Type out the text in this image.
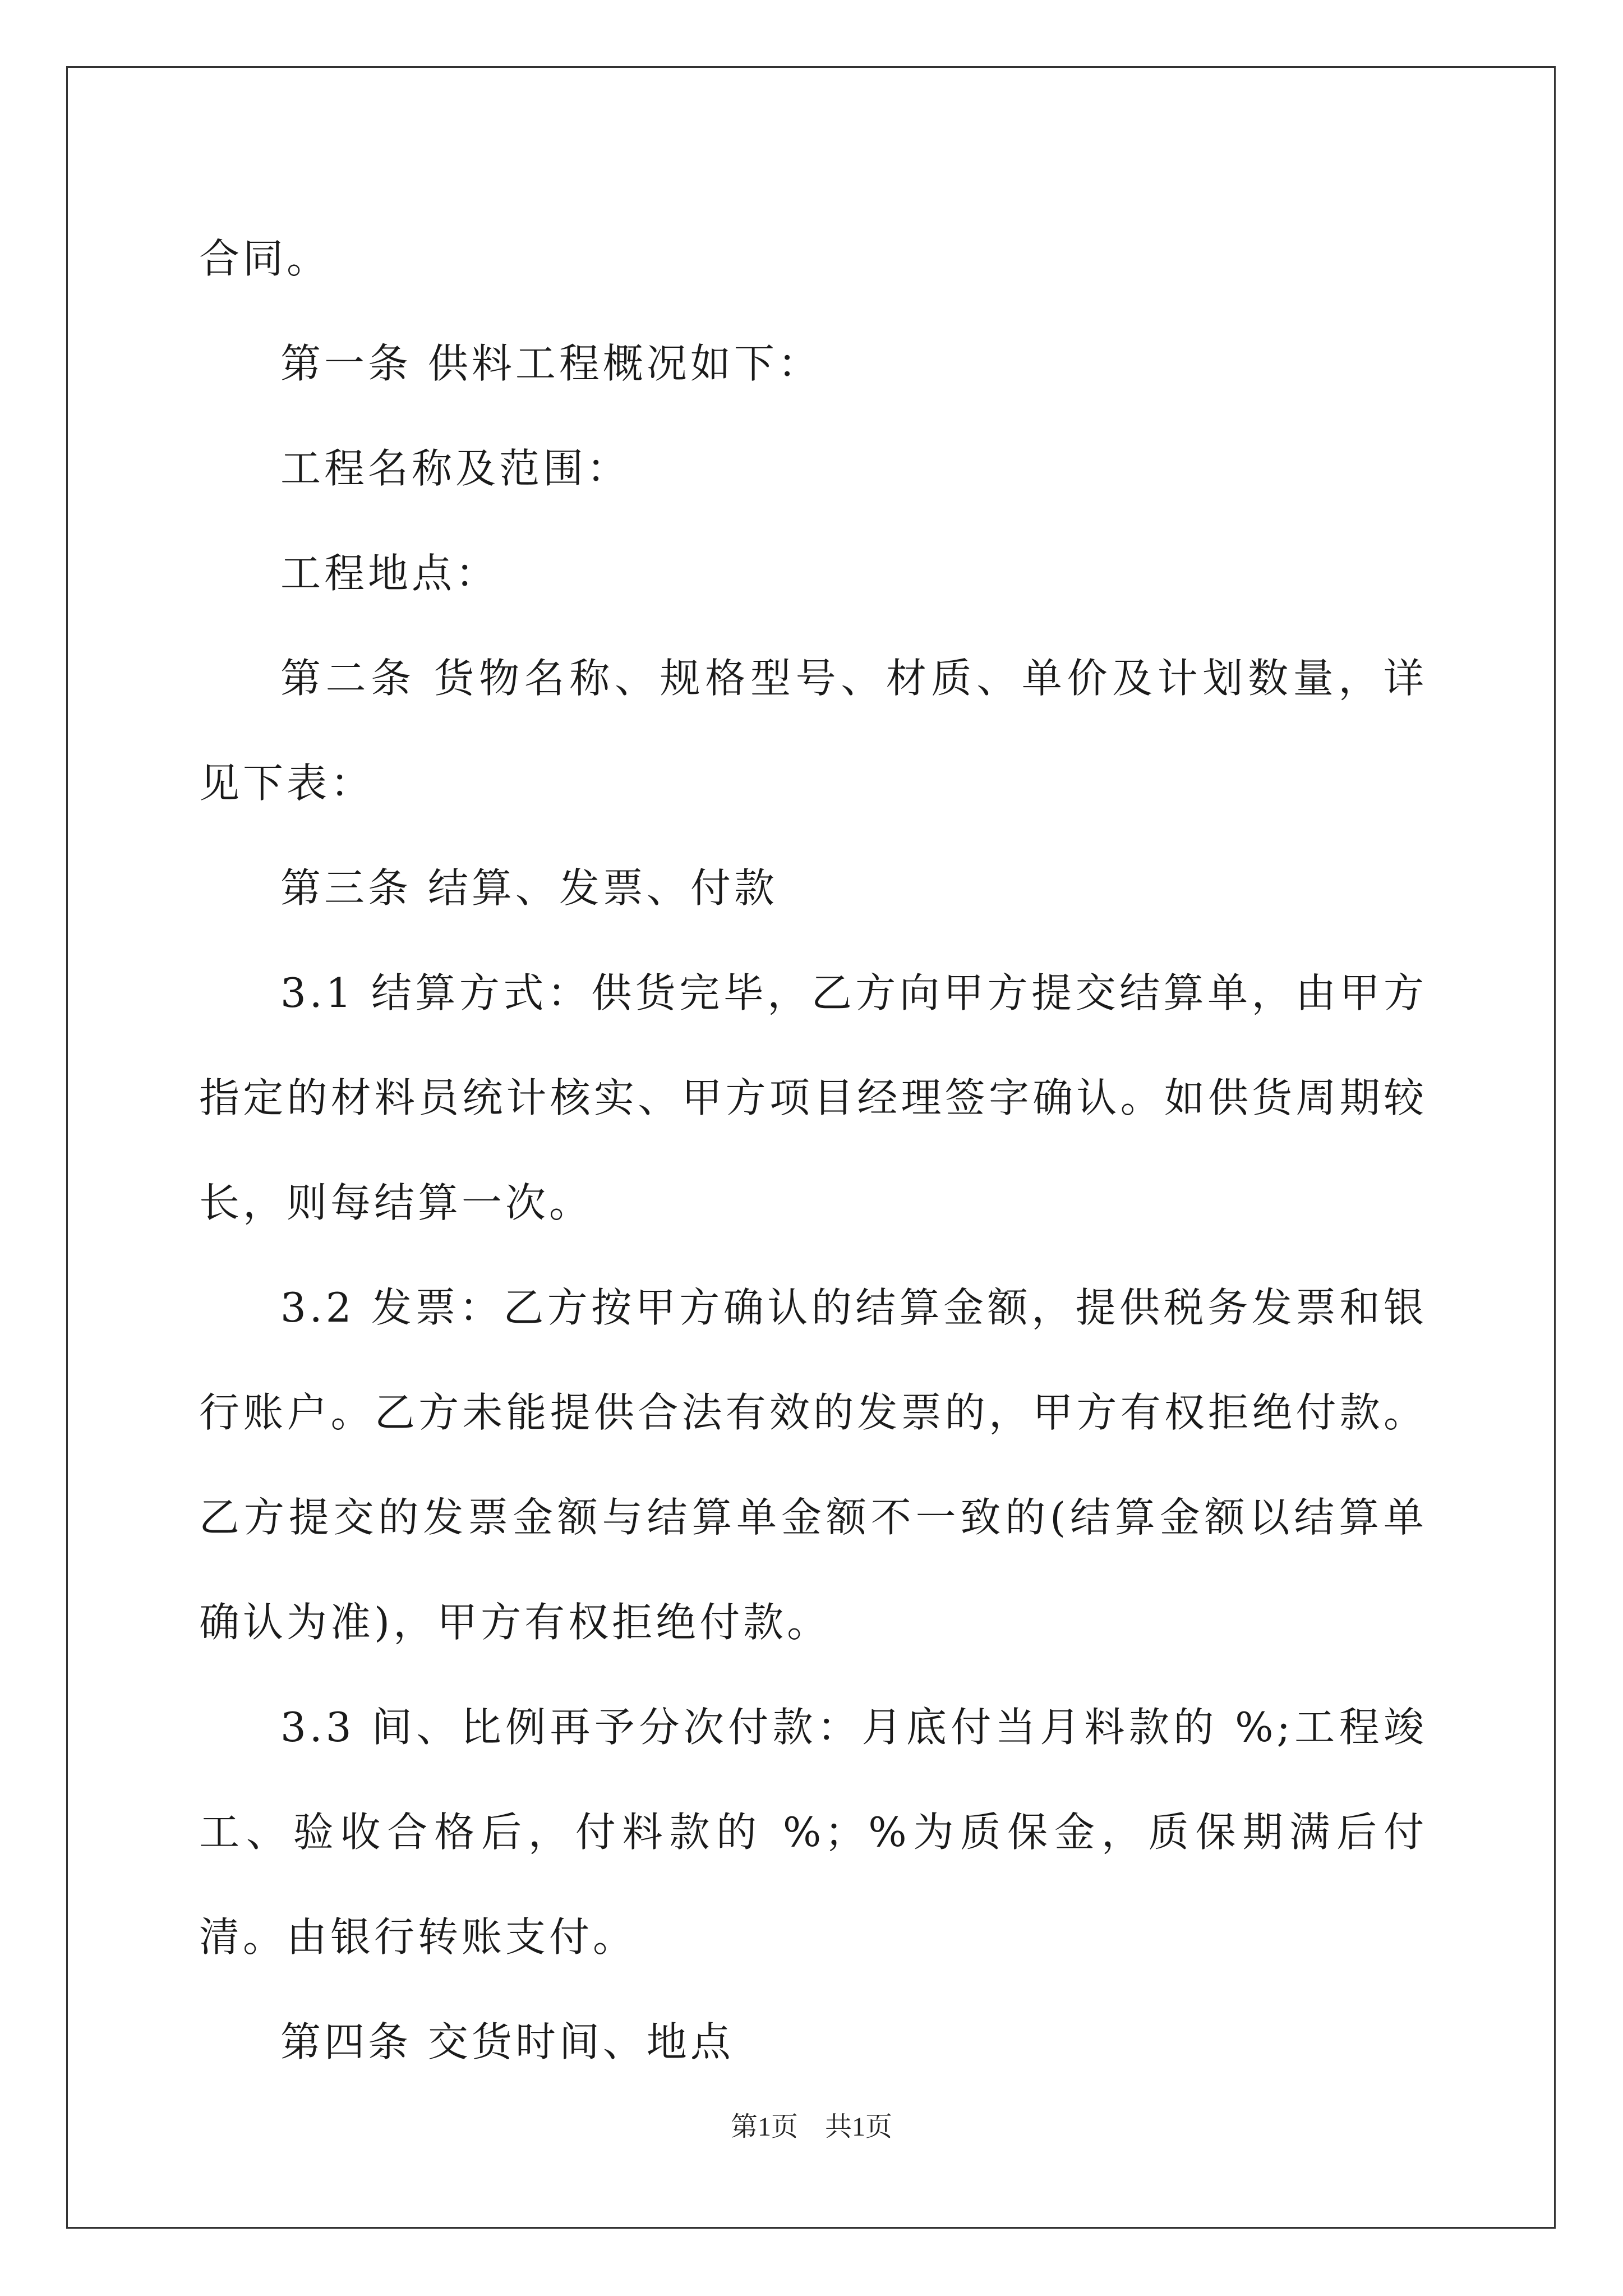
合同。

第一条 供料工程概况如下：

工程名称及范围：

工程地点：

第二条 货物名称、规格型号、材质、单价及计划数量，详见下表：

第三条 结算、发票、付款

3.1 结算方式：供货完毕，乙方向甲方提交结算单，由甲方指定的材料员统计核实、甲方项目经理签字确认。如供货周期较长，则每结算一次。

3.2 发票：乙方按甲方确认的结算金额，提供税务发票和银行账户。乙方未能提供合法有效的发票的，甲方有权拒绝付款。乙方提交的发票金额与结算单金额不一致的(结算金额以结算单确认为准)，甲方有权拒绝付款。

3.3 间、比例再予分次付款：月底付当月料款的 %;工程竣工、验收合格后，付料款的 %；%为质保金，质保期满后付清。由银行转账支付。

第四条 交货时间、地点

第1页 共1页
